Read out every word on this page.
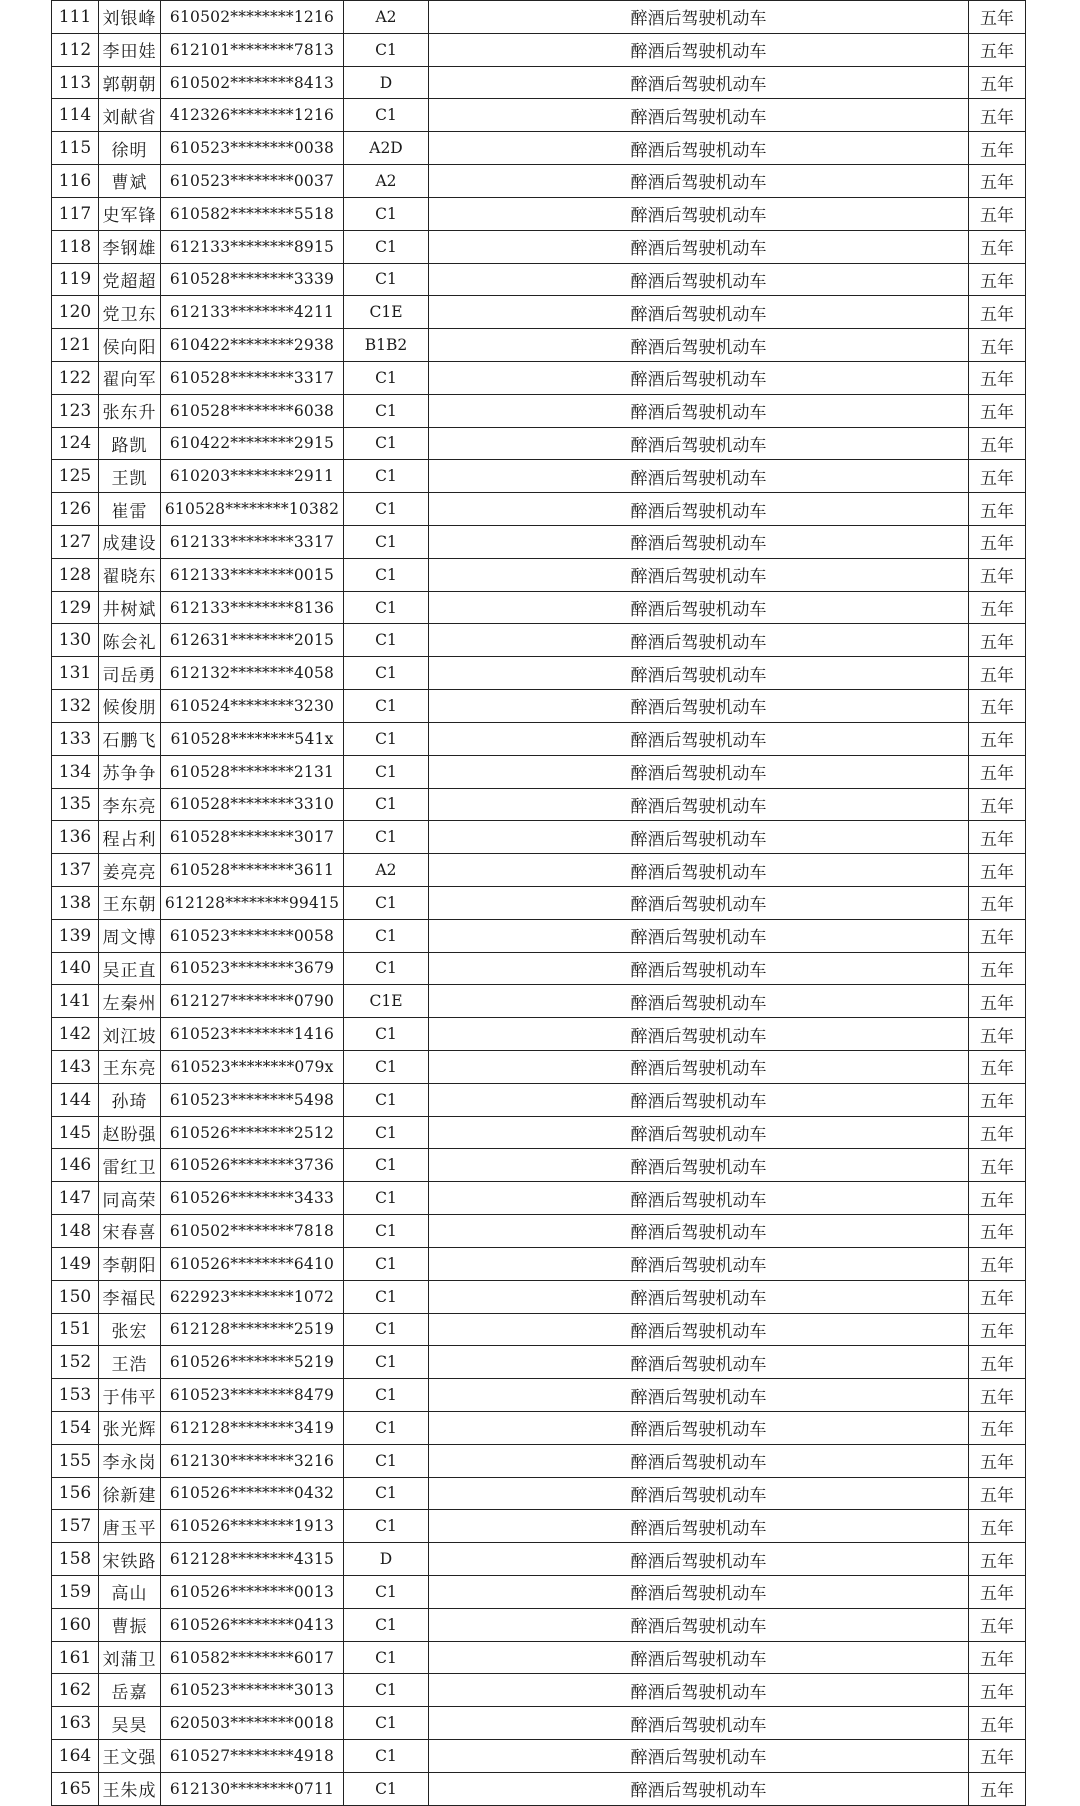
111	刘银峰	610502********1216	A2	醉酒后驾驶机动车	五年
112	李田娃	612101********7813	C1	醉酒后驾驶机动车	五年
113	郭朝朝	610502********8413	D	醉酒后驾驶机动车	五年
114	刘献省	412326********1216	C1	醉酒后驾驶机动车	五年
115	徐明	610523********0038	A2D	醉酒后驾驶机动车	五年
116	曹斌	610523********0037	A2	醉酒后驾驶机动车	五年
117	史军锋	610582********5518	C1	醉酒后驾驶机动车	五年
118	李钢雄	612133********8915	C1	醉酒后驾驶机动车	五年
119	党超超	610528********3339	C1	醉酒后驾驶机动车	五年
120	党卫东	612133********4211	C1E	醉酒后驾驶机动车	五年
121	侯向阳	610422********2938	B1B2	醉酒后驾驶机动车	五年
122	翟向军	610528********3317	C1	醉酒后驾驶机动车	五年
123	张东升	610528********6038	C1	醉酒后驾驶机动车	五年
124	路凯	610422********2915	C1	醉酒后驾驶机动车	五年
125	王凯	610203********2911	C1	醉酒后驾驶机动车	五年
126	崔雷	610528********10382	C1	醉酒后驾驶机动车	五年
127	成建设	612133********3317	C1	醉酒后驾驶机动车	五年
128	翟晓东	612133********0015	C1	醉酒后驾驶机动车	五年
129	井树斌	612133********8136	C1	醉酒后驾驶机动车	五年
130	陈会礼	612631********2015	C1	醉酒后驾驶机动车	五年
131	司岳勇	612132********4058	C1	醉酒后驾驶机动车	五年
132	候俊朋	610524********3230	C1	醉酒后驾驶机动车	五年
133	石鹏飞	610528********541x	C1	醉酒后驾驶机动车	五年
134	苏争争	610528********2131	C1	醉酒后驾驶机动车	五年
135	李东亮	610528********3310	C1	醉酒后驾驶机动车	五年
136	程占利	610528********3017	C1	醉酒后驾驶机动车	五年
137	姜亮亮	610528********3611	A2	醉酒后驾驶机动车	五年
138	王东朝	612128********99415	C1	醉酒后驾驶机动车	五年
139	周文博	610523********0058	C1	醉酒后驾驶机动车	五年
140	吴正直	610523********3679	C1	醉酒后驾驶机动车	五年
141	左秦州	612127********0790	C1E	醉酒后驾驶机动车	五年
142	刘江坡	610523********1416	C1	醉酒后驾驶机动车	五年
143	王东亮	610523********079x	C1	醉酒后驾驶机动车	五年
144	孙琦	610523********5498	C1	醉酒后驾驶机动车	五年
145	赵盼强	610526********2512	C1	醉酒后驾驶机动车	五年
146	雷红卫	610526********3736	C1	醉酒后驾驶机动车	五年
147	同高荣	610526********3433	C1	醉酒后驾驶机动车	五年
148	宋春喜	610502********7818	C1	醉酒后驾驶机动车	五年
149	李朝阳	610526********6410	C1	醉酒后驾驶机动车	五年
150	李福民	622923********1072	C1	醉酒后驾驶机动车	五年
151	张宏	612128********2519	C1	醉酒后驾驶机动车	五年
152	王浩	610526********5219	C1	醉酒后驾驶机动车	五年
153	于伟平	610523********8479	C1	醉酒后驾驶机动车	五年
154	张光辉	612128********3419	C1	醉酒后驾驶机动车	五年
155	李永岗	612130********3216	C1	醉酒后驾驶机动车	五年
156	徐新建	610526********0432	C1	醉酒后驾驶机动车	五年
157	唐玉平	610526********1913	C1	醉酒后驾驶机动车	五年
158	宋铁路	612128********4315	D	醉酒后驾驶机动车	五年
159	高山	610526********0013	C1	醉酒后驾驶机动车	五年
160	曹振	610526********0413	C1	醉酒后驾驶机动车	五年
161	刘蒲卫	610582********6017	C1	醉酒后驾驶机动车	五年
162	岳嘉	610523********3013	C1	醉酒后驾驶机动车	五年
163	吴昊	620503********0018	C1	醉酒后驾驶机动车	五年
164	王文强	610527********4918	C1	醉酒后驾驶机动车	五年
165	王朱成	612130********0711	C1	醉酒后驾驶机动车	五年
